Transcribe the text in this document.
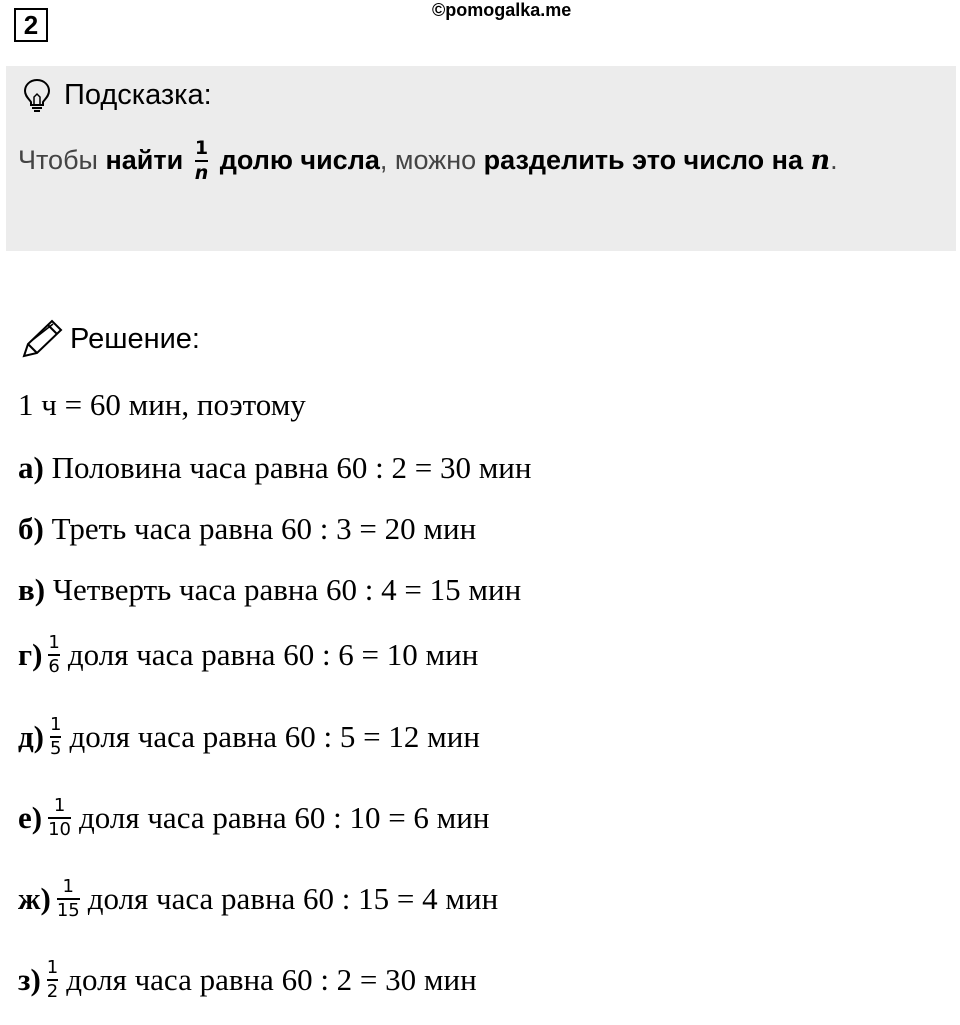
2	©pomogalka.me
Подсказка:
Чтобы найти $\frac{1}{n}$ долю числа , можно разделить это число на n .
Решение:
1 ч = 60 мин, поэтому
а) Половина часа равна 60 : 2 = 30 мин
б) Треть часа равна 60 : 3 = 20 мин
в) Четверть часа равна 60 : 4 = 15 мин
$г) \frac{1}{6}$ доля часа равна 60 : 6 = 10 мин
$д) \frac{1}{5}$ доля часа равна 60 : 5 = 12 мин
$е) \frac{1}{10}$ доля часа равна 60 : 10 = 6 мин
$ж) \frac{1}{15}$ доля часа равна 60 : 15 = 4 мин
$з) \frac{1}{2}$ доля часа равна 60 : 2 = 30 мин
